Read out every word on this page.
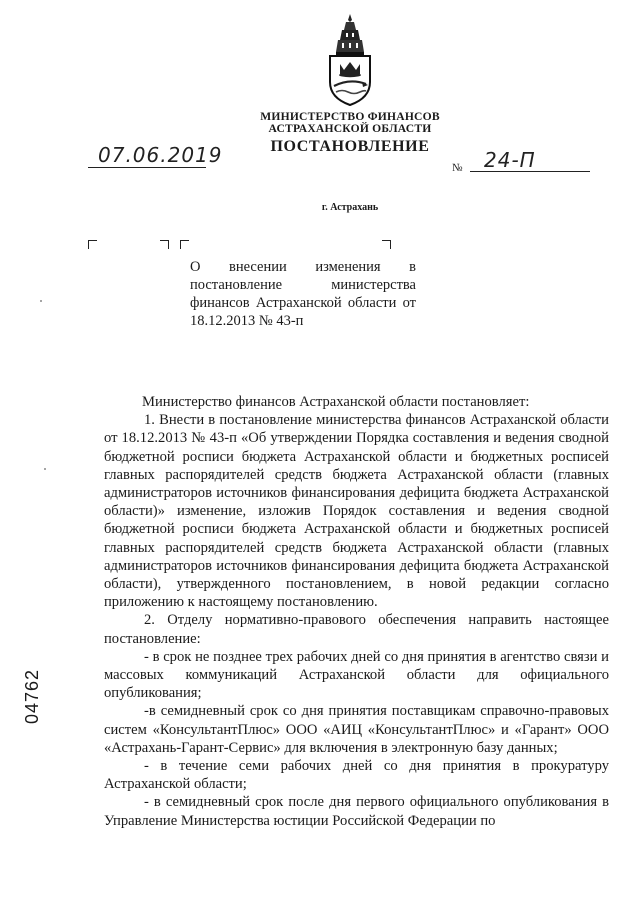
МИНИСТЕРСТВО ФИНАНСОВ
АСТРАХАНСКОЙ ОБЛАСТИ
ПОСТАНОВЛЕНИЕ
07.06.2019
№ 24-П
г. Астрахань
О внесении изменения в постановление министерства финансов Астраханской области от 18.12.2013 № 43-п

Министерство финансов Астраханской области постановляет:

1. Внести в постановление министерства финансов Астраханской области от 18.12.2013 № 43-п «Об утверждении Порядка составления и ведения сводной бюджетной росписи бюджета Астраханской области и бюджетных росписей главных распорядителей средств бюджета Астраханской области (главных администраторов источников финансирования дефицита бюджета Астраханской области)» изменение, изложив Порядок составления и ведения сводной бюджетной росписи бюджета Астраханской области и бюджетных росписей главных распорядителей средств бюджета Астраханской области (главных администраторов источников финансирования дефицита бюджета Астраханской области), утвержденного постановлением, в новой редакции согласно приложению к настоящему постановлению.

2. Отделу нормативно-правового обеспечения направить настоящее постановление:

- в срок не позднее трех рабочих дней со дня принятия в агентство связи и массовых коммуникаций Астраханской области для официального опубликования;

-в семидневный срок со дня принятия поставщикам справочно-правовых систем «КонсультантПлюс» ООО «АИЦ «КонсультантПлюс» и «Гарант» ООО «Астрахань-Гарант-Сервис» для включения в электронную базу данных;

- в течение семи рабочих дней со дня принятия в прокуратуру Астраханской области;

- в семидневный срок после дня первого официального опубликования в Управление Министерства юстиции Российской Федерации по

04762
